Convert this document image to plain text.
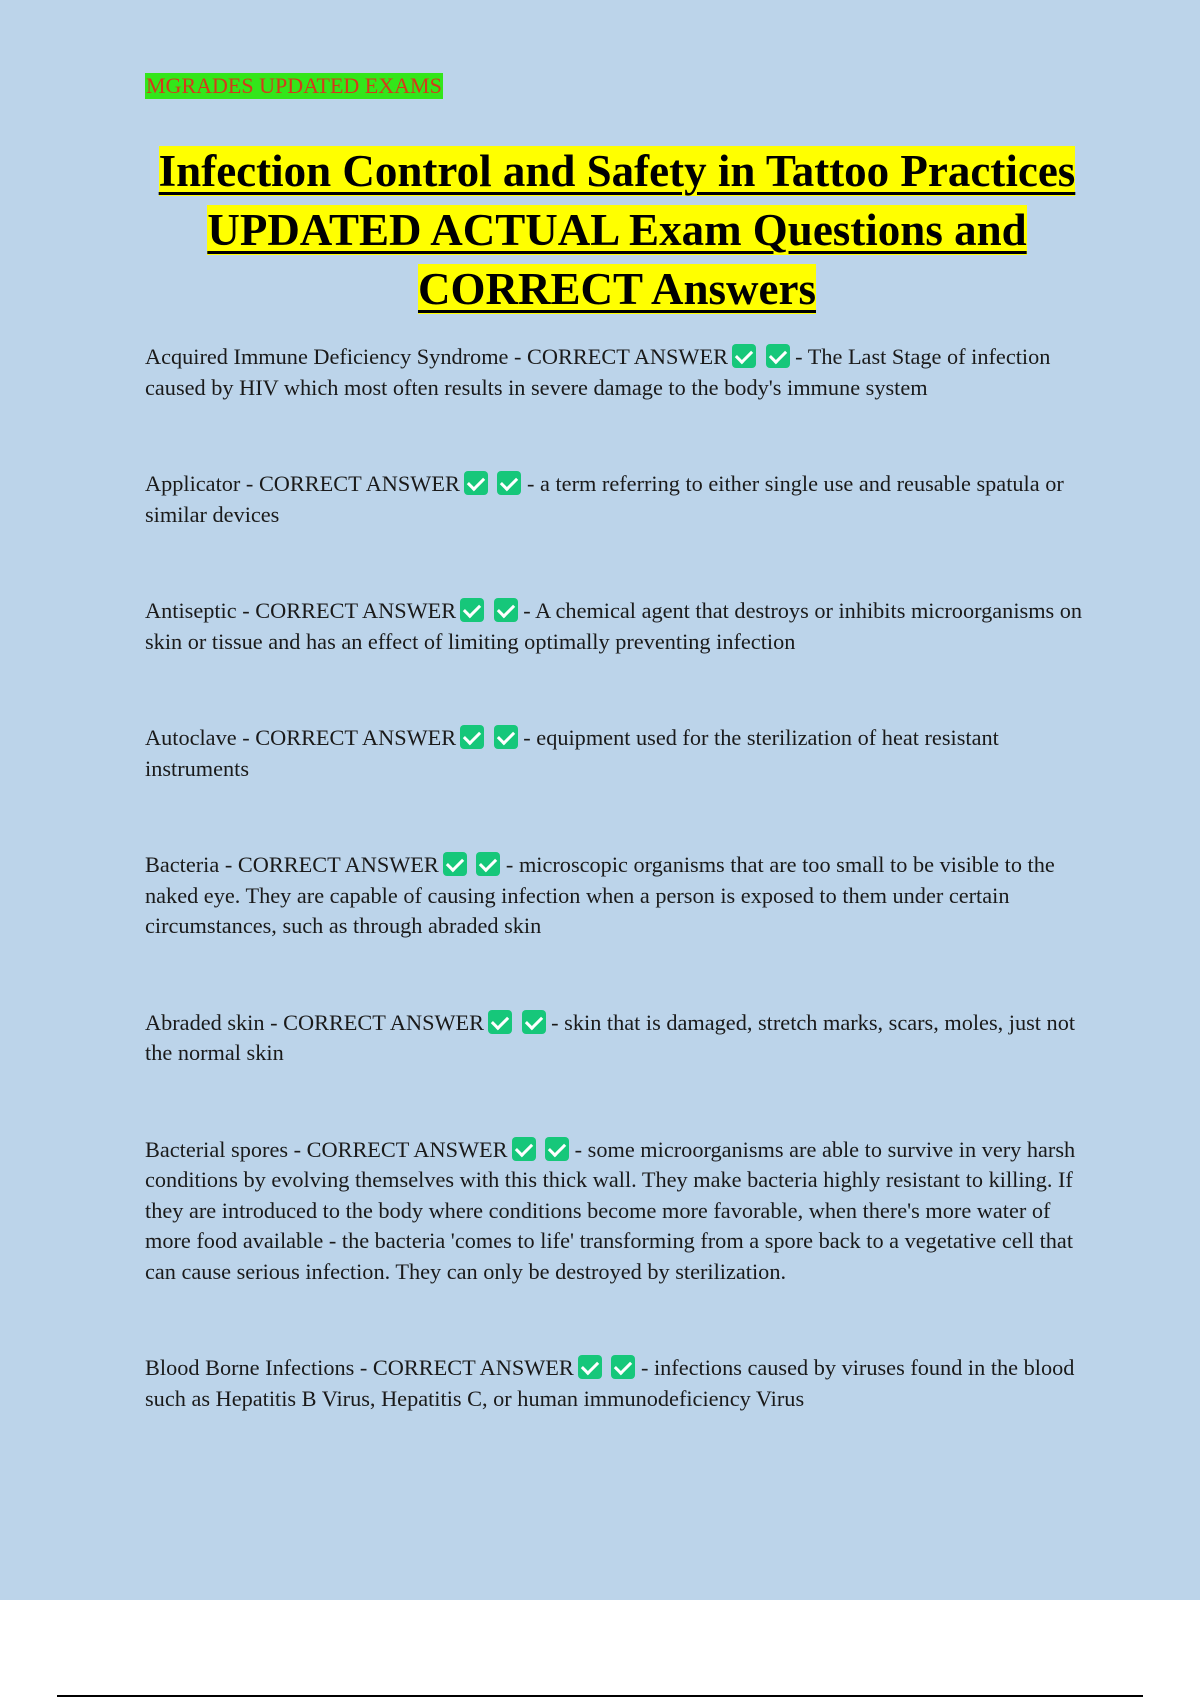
MGRADES UPDATED EXAMS
Infection Control and Safety in Tattoo Practices UPDATED ACTUAL Exam Questions and CORRECT Answers

Acquired Immune Deficiency Syndrome - CORRECT ANSWER	- The Last Stage of infection caused by HIV which most often results in severe damage to the body's immune system

Applicator - CORRECT ANSWER	- a term referring to either single use and reusable spatula or similar devices

Antiseptic - CORRECT ANSWER	- A chemical agent that destroys or inhibits microorganisms on skin or tissue and has an effect of limiting optimally preventing infection

Autoclave - CORRECT ANSWER	- equipment used for the sterilization of heat resistant instruments

Bacteria - CORRECT ANSWER	- microscopic organisms that are too small to be visible to the naked eye. They are capable of causing infection when a person is exposed to them under certain circumstances, such as through abraded skin

Abraded skin - CORRECT ANSWER	- skin that is damaged, stretch marks, scars, moles, just not the normal skin

Bacterial spores - CORRECT ANSWER	- some microorganisms are able to survive in very harsh conditions by evolving themselves with this thick wall. They make bacteria highly resistant to killing. If they are introduced to the body where conditions become more favorable, when there's more water of more food available - the bacteria 'comes to life' transforming from a spore back to a vegetative cell that can cause serious infection. They can only be destroyed by sterilization.

Blood Borne Infections - CORRECT ANSWER	- infections caused by viruses found in the blood such as Hepatitis B Virus, Hepatitis C, or human immunodeficiency Virus
